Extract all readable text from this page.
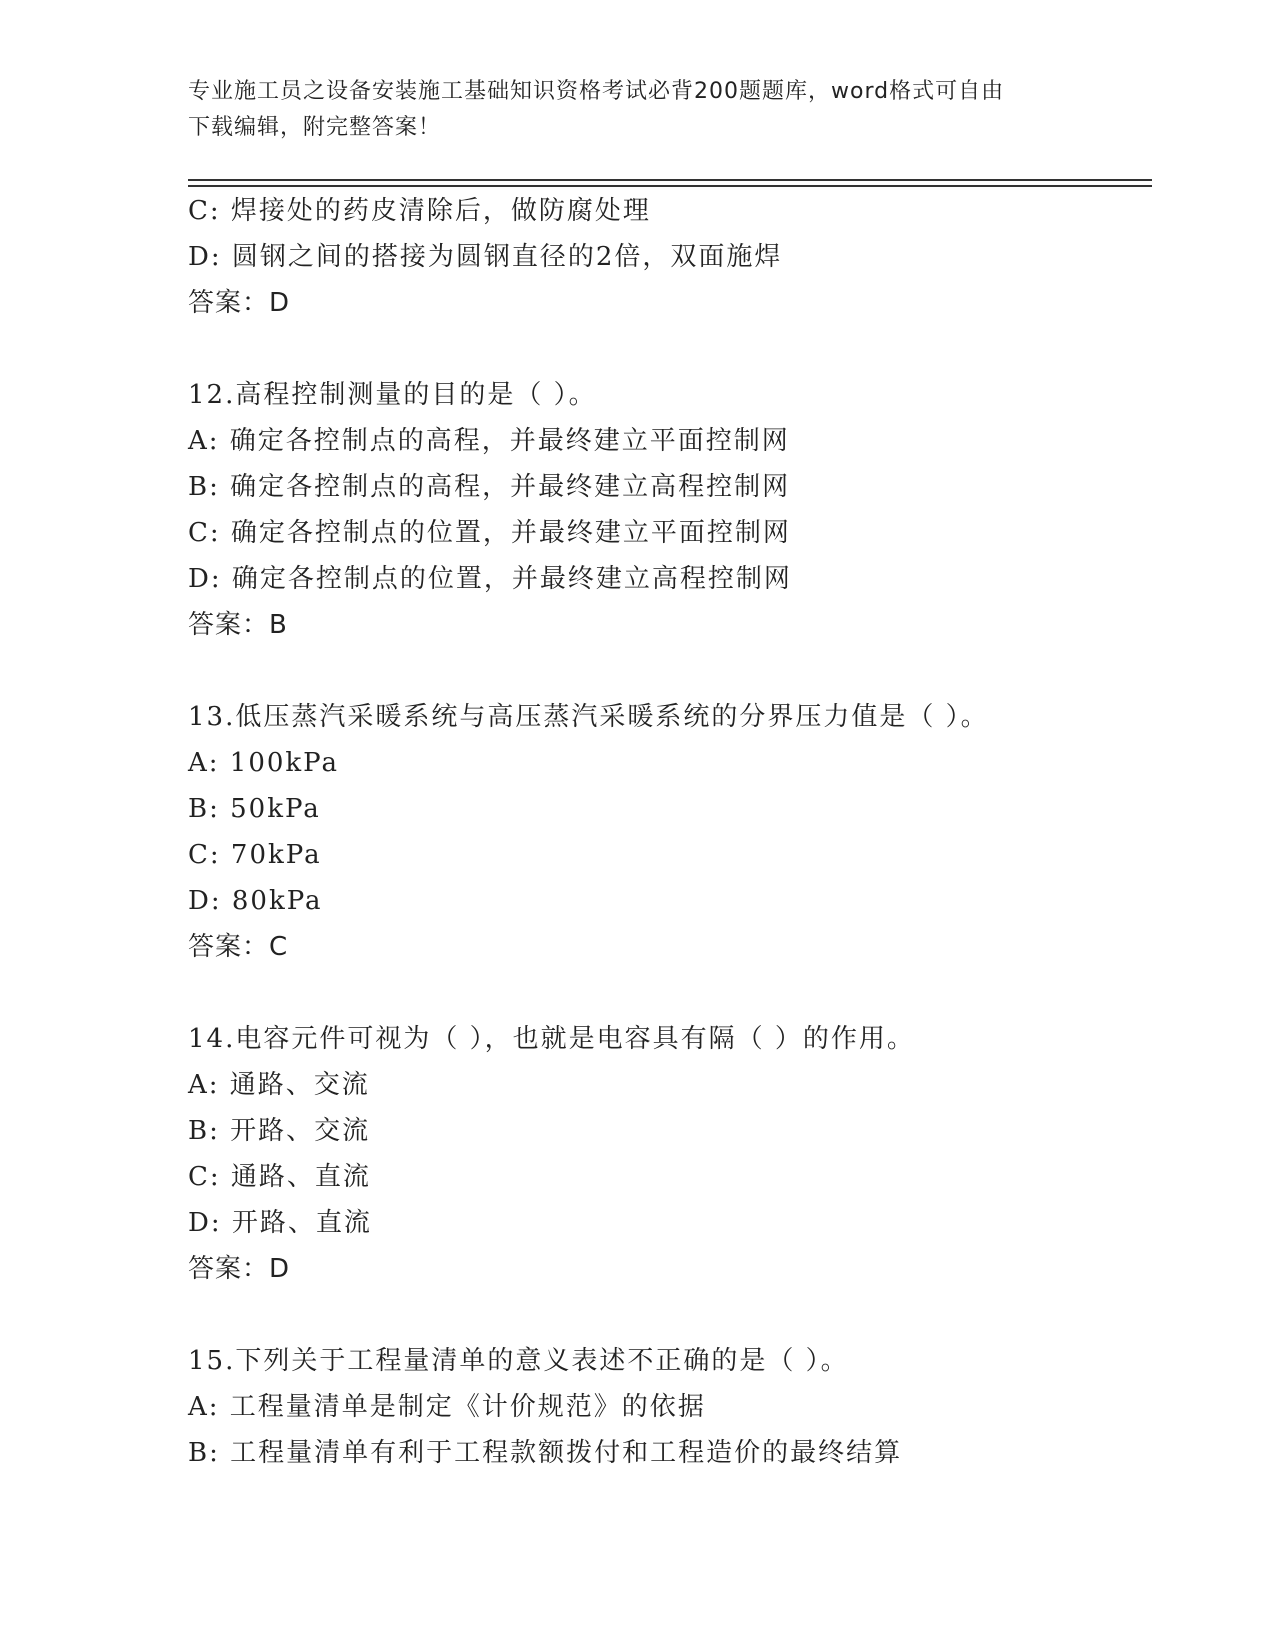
专业施工员之设备安装施工基础知识资格考试必背200题题库，word格式可自由
下载编辑，附完整答案！
C: 焊接处的药皮清除后，做防腐处理
D: 圆钢之间的搭接为圆钢直径的2倍，双面施焊
答案：D
12.高程控制测量的目的是（ ）。
A: 确定各控制点的高程，并最终建立平面控制网
B: 确定各控制点的高程，并最终建立高程控制网
C: 确定各控制点的位置，并最终建立平面控制网
D: 确定各控制点的位置，并最终建立高程控制网
答案：B
13.低压蒸汽采暖系统与高压蒸汽采暖系统的分界压力值是（ ）。
A: 100kPa
B: 50kPa
C: 70kPa
D: 80kPa
答案：C
14.电容元件可视为（ ），也就是电容具有隔（ ）的作用。
A: 通路、交流
B: 开路、交流
C: 通路、直流
D: 开路、直流
答案：D
15.下列关于工程量清单的意义表述不正确的是（ ）。
A: 工程量清单是制定《计价规范》的依据
B: 工程量清单有利于工程款额拨付和工程造价的最终结算
